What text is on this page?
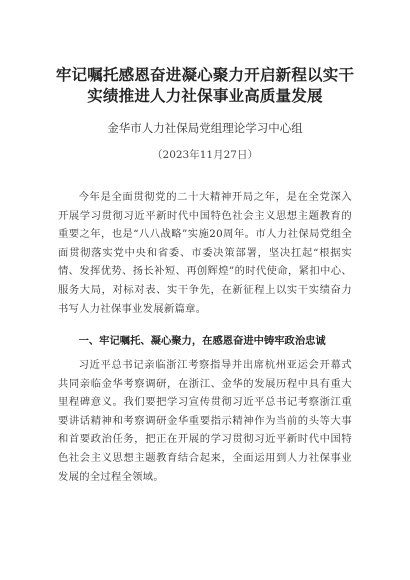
牢记嘱托感恩奋进凝心聚力开启新程以实干实绩推进人力社保事业高质量发展
金华市人力社保局党组理论学习中心组
（2023年11月27日）

今年是全面贯彻党的二十大精神开局之年，是在全党深入开展学习贯彻习近平新时代中国特色社会主义思想主题教育的重要之年，也是“八八战略”实施20周年。市人力社保局党组全面贯彻落实党中央和省委、市委决策部署，坚决扛起“根据实情、发挥优势、扬长补短、再创辉煌”的时代使命，紧扣中心、服务大局，对标对表、实干争先，在新征程上以实干实绩奋力书写人力社保事业发展新篇章。

一、牢记嘱托、凝心聚力，在感恩奋进中铸牢政治忠诚

习近平总书记亲临浙江考察指导并出席杭州亚运会开幕式共同亲临金华考察调研，在浙江、金华的发展历程中具有重大里程碑意义。我们要把学习宣传贯彻习近平总书记考察浙江重要讲话精神和考察调研金华重要指示精神作为当前的头等大事和首要政治任务，把正在开展的学习贯彻习近平新时代中国特色社会主义思想主题教育结合起来，全面运用到人力社保事业发展的全过程全领域。
